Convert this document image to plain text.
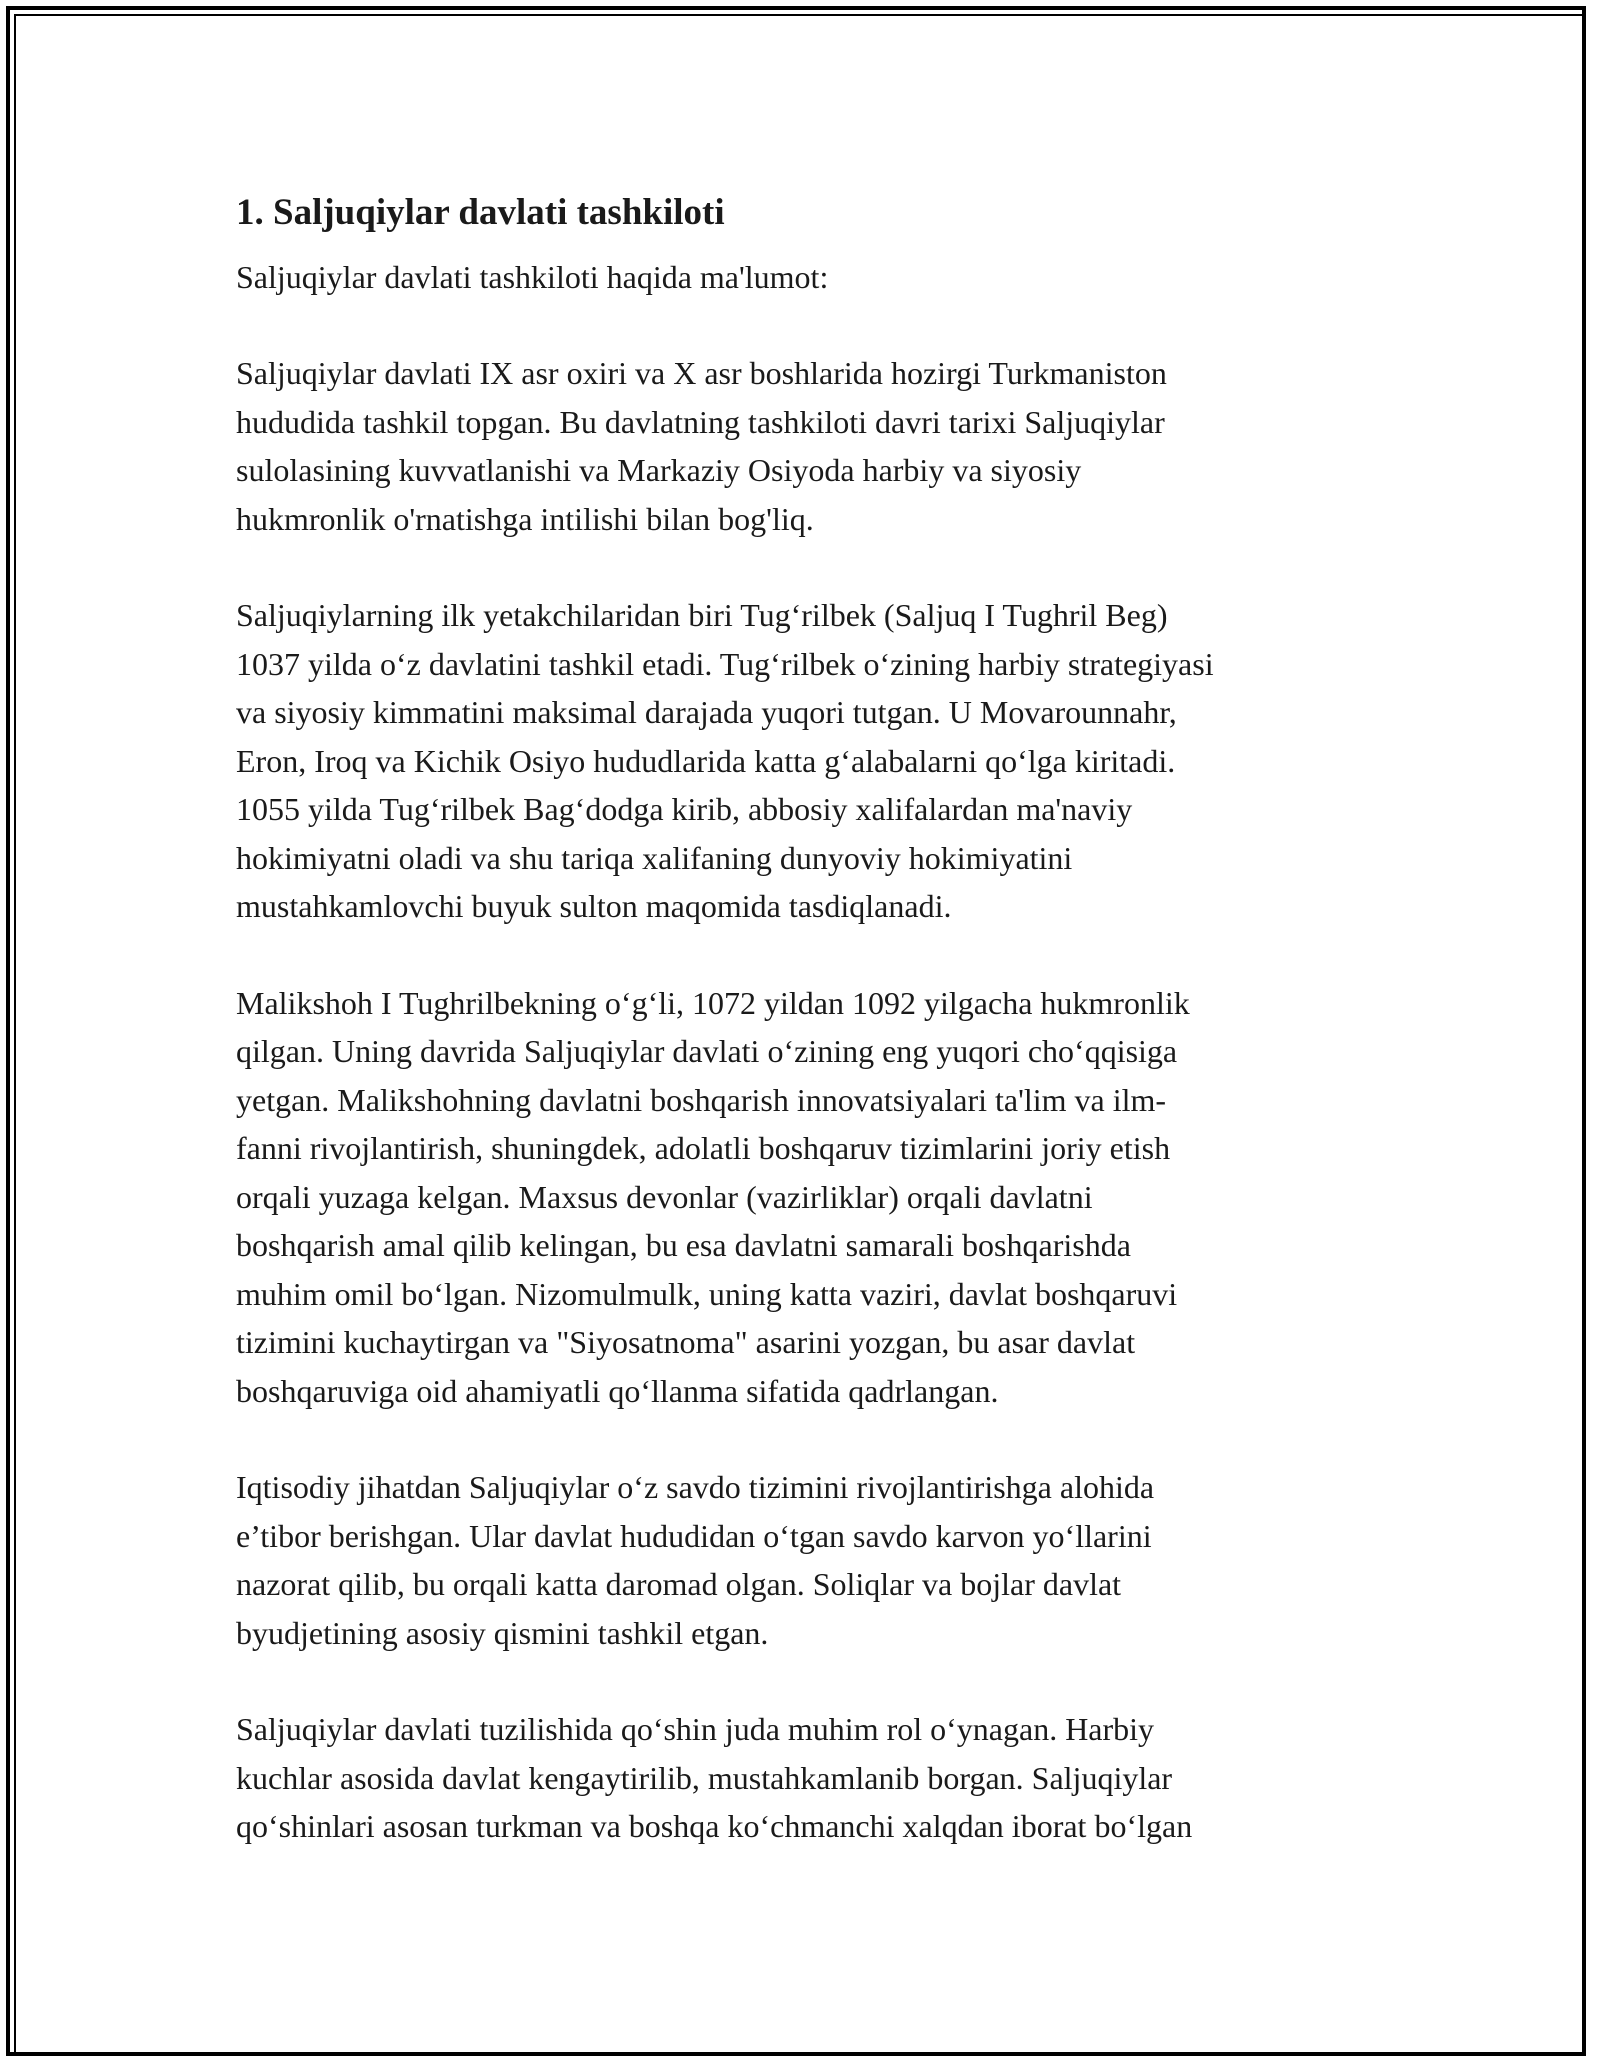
1. Saljuqiylar davlati tashkiloti

Saljuqiylar davlati tashkiloti haqida ma'lumot:

Saljuqiylar davlati IX asr oxiri va X asr boshlarida hozirgi Turkmaniston
hududida tashkil topgan. Bu davlatning tashkiloti davri tarixi Saljuqiylar
sulolasining kuvvatlanishi va Markaziy Osiyoda harbiy va siyosiy
hukmronlik o'rnatishga intilishi bilan bog'liq.

Saljuqiylarning ilk yetakchilaridan biri Tug‘rilbek (Saljuq I Tughril Beg)
1037 yilda o‘z davlatini tashkil etadi. Tug‘rilbek o‘zining harbiy strategiyasi
va siyosiy kimmatini maksimal darajada yuqori tutgan. U Movarounnahr,
Eron, Iroq va Kichik Osiyo hududlarida katta g‘alabalarni qo‘lga kiritadi.
1055 yilda Tug‘rilbek Bag‘dodga kirib, abbosiy xalifalardan ma'naviy
hokimiyatni oladi va shu tariqa xalifaning dunyoviy hokimiyatini
mustahkamlovchi buyuk sulton maqomida tasdiqlanadi.

Malikshoh I Tughrilbekning o‘g‘li, 1072 yildan 1092 yilgacha hukmronlik
qilgan. Uning davrida Saljuqiylar davlati o‘zining eng yuqori cho‘qqisiga
yetgan. Malikshohning davlatni boshqarish innovatsiyalari ta'lim va ilm-
fanni rivojlantirish, shuningdek, adolatli boshqaruv tizimlarini joriy etish
orqali yuzaga kelgan. Maxsus devonlar (vazirliklar) orqali davlatni
boshqarish amal qilib kelingan, bu esa davlatni samarali boshqarishda
muhim omil bo‘lgan. Nizomulmulk, uning katta vaziri, davlat boshqaruvi
tizimini kuchaytirgan va "Siyosatnoma" asarini yozgan, bu asar davlat
boshqaruviga oid ahamiyatli qo‘llanma sifatida qadrlangan.

Iqtisodiy jihatdan Saljuqiylar o‘z savdo tizimini rivojlantirishga alohida
e’tibor berishgan. Ular davlat hududidan o‘tgan savdo karvon yo‘llarini
nazorat qilib, bu orqali katta daromad olgan. Soliqlar va bojlar davlat
byudjetining asosiy qismini tashkil etgan.

Saljuqiylar davlati tuzilishida qo‘shin juda muhim rol o‘ynagan. Harbiy
kuchlar asosida davlat kengaytirilib, mustahkamlanib borgan. Saljuqiylar
qo‘shinlari asosan turkman va boshqa ko‘chmanchi xalqdan iborat bo‘lgan
